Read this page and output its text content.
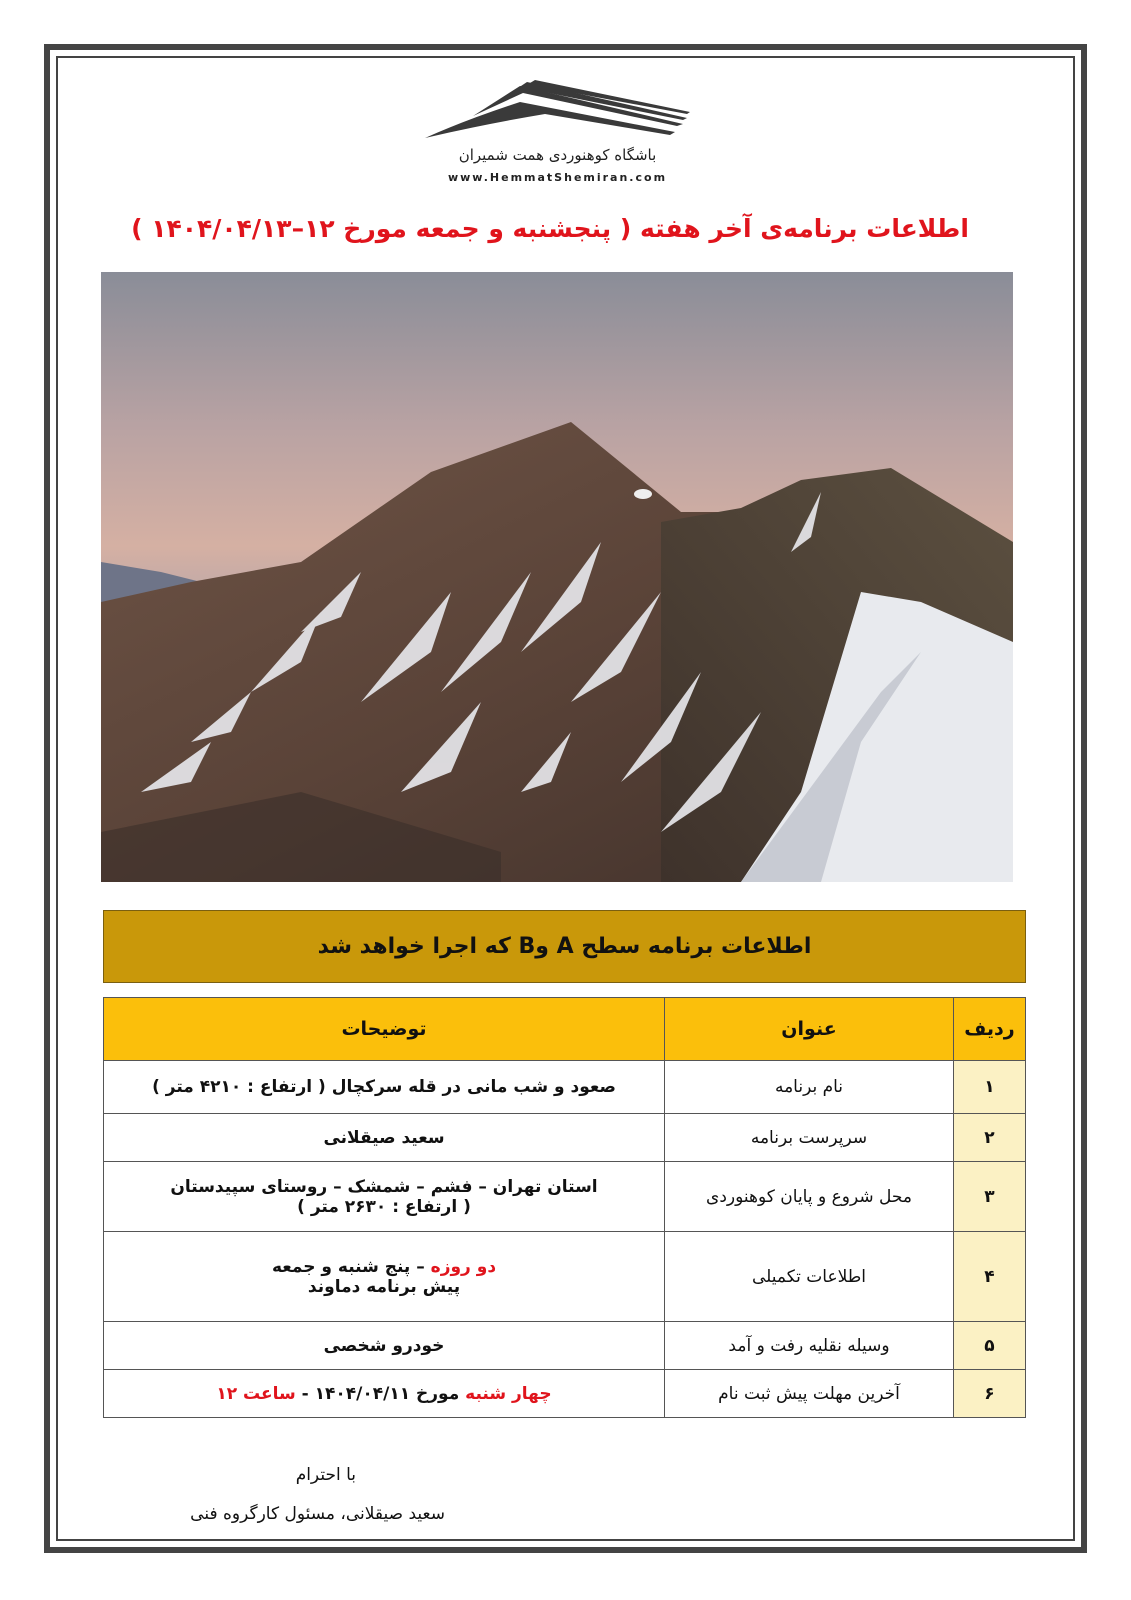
باشگاه کوهنوردی همت شمیران
www.HemmatShemiran.com
اطلاعات برنامه‌ی آخر هفته ( پنجشنبه و جمعه مورخ ۱۲–۱۴۰۴/۰۴/۱۳ )
اطلاعات برنامه سطح A وB که اجرا خواهد شد
ردیف	عنوان	توضیحات
۱	نام برنامه	صعود و شب مانی در قله سرکچال ( ارتفاع : ۴۲۱۰ متر )
۲	سرپرست برنامه	سعید صیقلانی
۳	محل شروع و پایان کوهنوردی	استان تهران – فشم – شمشک – روستای سپیدستان
( ارتفاع : ۲۶۳۰ متر )

۴	اطلاعات تکمیلی	دو روزه – پنج شنبه و جمعه
پیش برنامه دماوند

۵	وسیله نقلیه رفت و آمد	خودرو شخصی
۶	آخرین مهلت پیش ثبت نام	چهار شنبه مورخ ۱۴۰۴/۰۴/۱۱ - ساعت ۱۲
با احترام
سعید صیقلانی، مسئول کارگروه فنی
